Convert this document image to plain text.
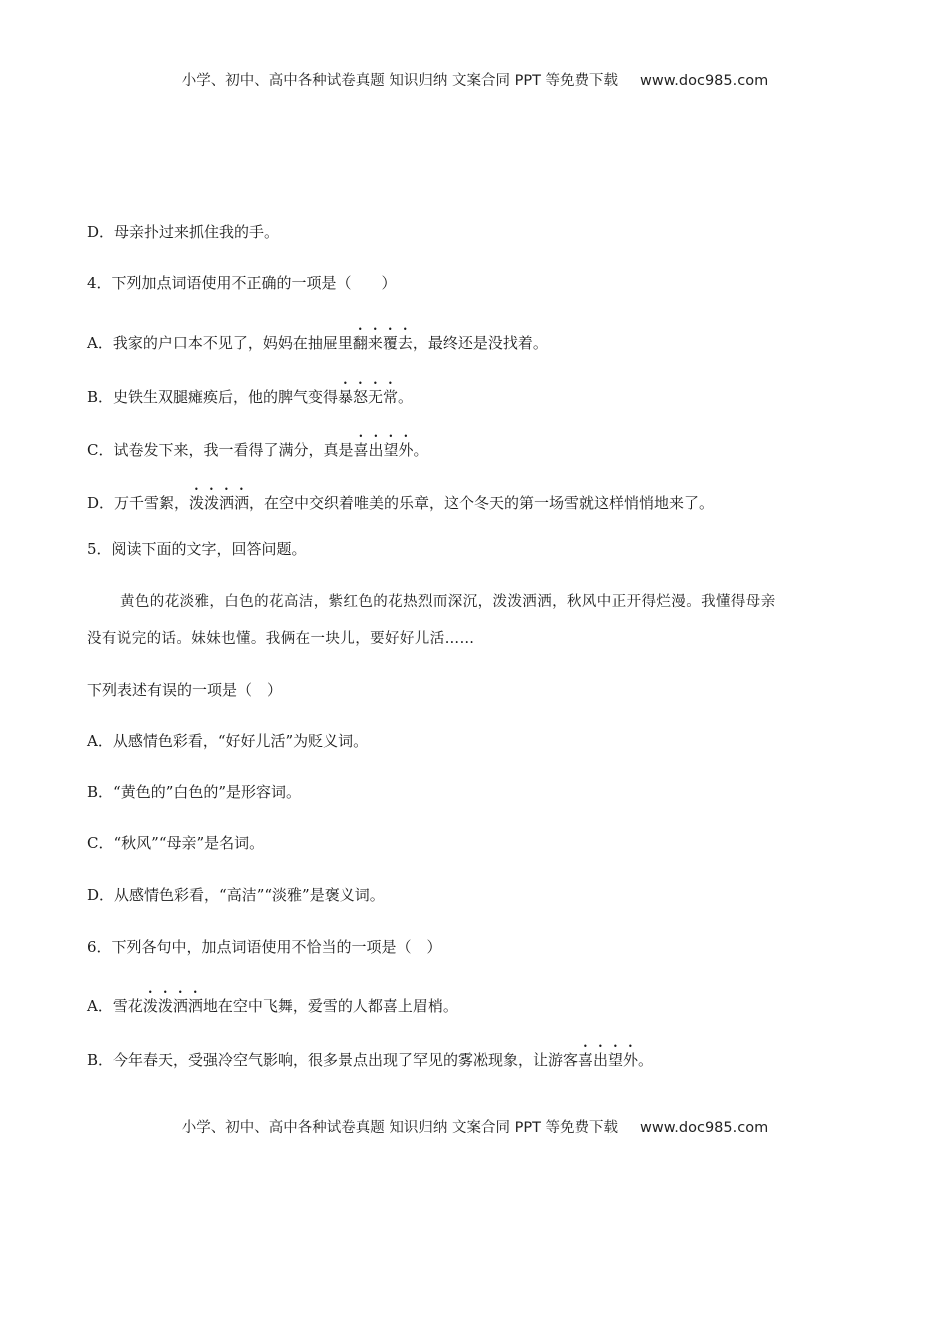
小学、初中、高中各种试卷真题 知识归纳 文案合同 PPT 等免费下载 www.doc985.com
D．母亲扑过来抓住我的手。
4．下列加点词语使用不正确的一项是（　　）
A．我家的户口本不见了，妈妈在抽屉里翻来覆去，最终还是没找着。
B．史铁生双腿瘫痪后，他的脾气变得暴怒无常。
C．试卷发下来，我一看得了满分，真是喜出望外。
D．万千雪絮，泼泼洒洒，在空中交织着唯美的乐章，这个冬天的第一场雪就这样悄悄地来了。
5．阅读下面的文字，回答问题。
黄色的花淡雅，白色的花高洁，紫红色的花热烈而深沉，泼泼洒洒，秋风中正开得烂漫。我懂得母亲
没有说完的话。妹妹也懂。我俩在一块儿，要好好儿活……
下列表述有误的一项是（　）
A．从感情色彩看，“好好儿活”为贬义词。
B．“黄色的”白色的”是形容词。
C．“秋风”“母亲”是名词。
D．从感情色彩看，“高洁”“淡雅”是褒义词。
6．下列各句中，加点词语使用不恰当的一项是（　）
A．雪花泼泼洒洒地在空中飞舞，爱雪的人都喜上眉梢。
B．今年春天，受强冷空气影响，很多景点出现了罕见的雾凇现象，让游客喜出望外。
小学、初中、高中各种试卷真题 知识归纳 文案合同 PPT 等免费下载 www.doc985.com
